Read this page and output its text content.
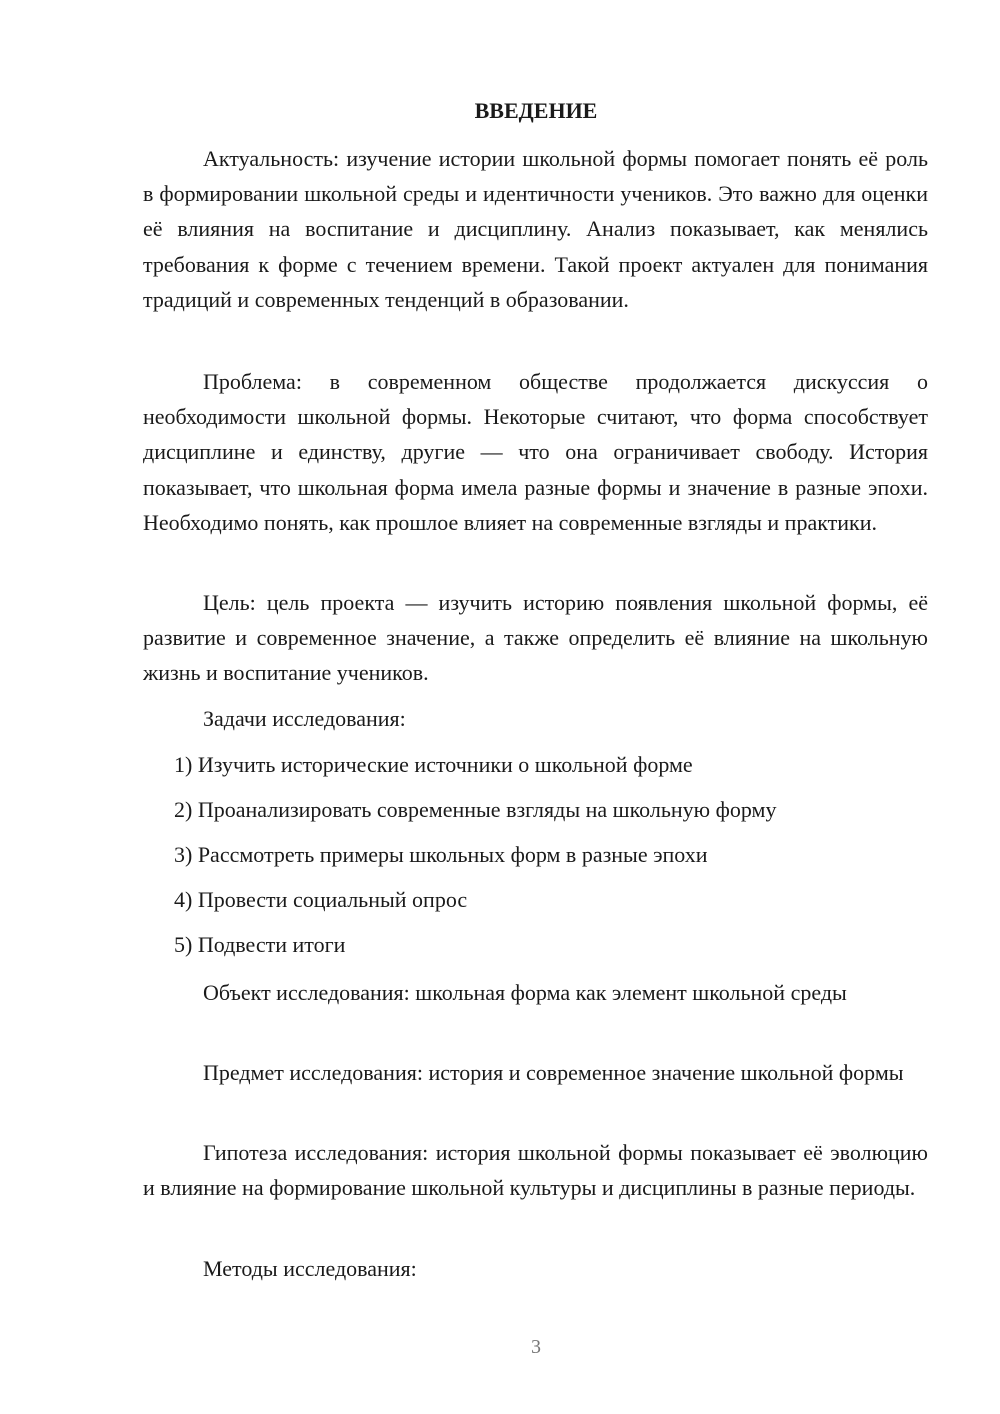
ВВЕДЕНИЕ

Актуальность: изучение истории школьной формы помогает понять её роль в формировании школьной среды и идентичности учеников. Это важно для оценки её влияния на воспитание и дисциплину. Анализ показывает, как менялись требования к форме с течением времени. Такой проект актуален для понимания традиций и современных тенденций в образовании.

Проблема: в современном обществе продолжается дискуссия о необходимости школьной формы. Некоторые считают, что форма способствует дисциплине и единству, другие — что она ограничивает свободу. История показывает, что школьная форма имела разные формы и значение в разные эпохи. Необходимо понять, как прошлое влияет на современные взгляды и практики.

Цель: цель проекта — изучить историю появления школьной формы, её развитие и современное значение, а также определить её влияние на школьную жизнь и воспитание учеников.

Задачи исследования:

1) Изучить исторические источники о школьной форме

2) Проанализировать современные взгляды на школьную форму

3) Рассмотреть примеры школьных форм в разные эпохи

4) Провести социальный опрос

5) Подвести итоги

Объект исследования: школьная форма как элемент школьной среды

Предмет исследования: история и современное значение школьной формы

Гипотеза исследования: история школьной формы показывает её эволюцию и влияние на формирование школьной культуры и дисциплины в разные периоды.

Методы исследования:

3
